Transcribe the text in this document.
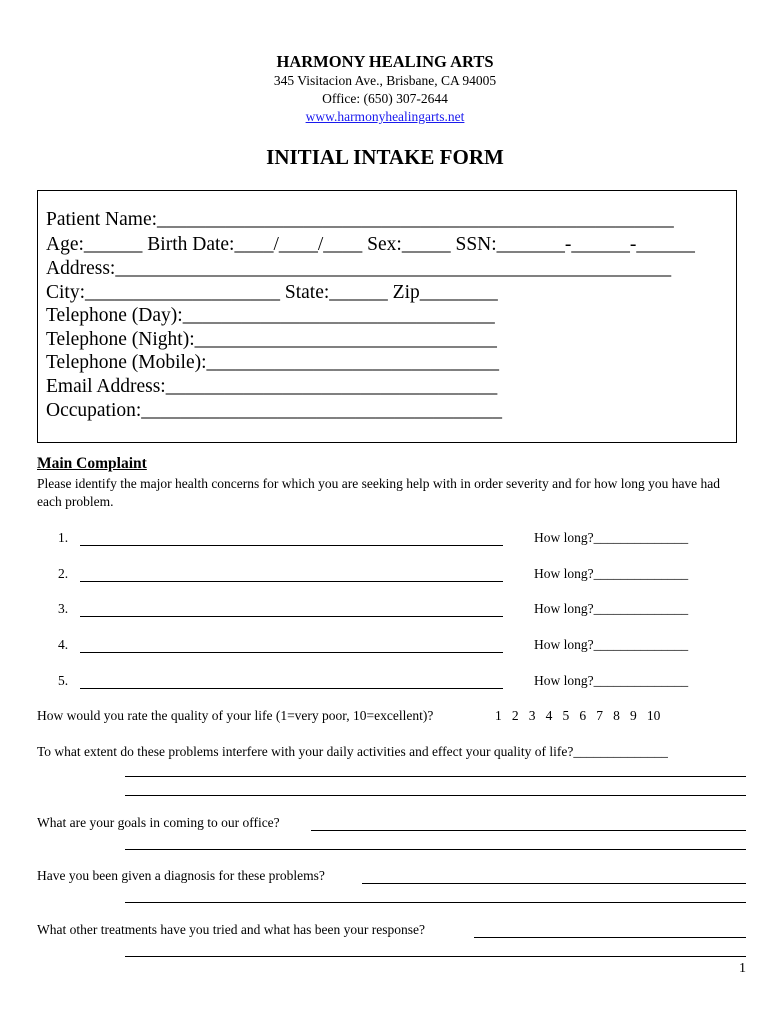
HARMONY HEALING ARTS
345 Visitacion Ave., Brisbane, CA 94005
Office: (650) 307-2644
www.harmonyhealingarts.net
INITIAL INTAKE FORM
Patient Name:_____________________________________________________
Age:______ Birth Date:____/____/____ Sex:_____ SSN:_______-______-______
Address:_________________________________________________________
City:____________________ State:______ Zip________
Telephone (Day):________________________________
Telephone (Night):_______________________________
Telephone (Mobile):______________________________
Email Address:__________________________________
Occupation:_____________________________________
Main Complaint
Please identify the major health concerns for which you are seeking help with in order severity and for how long you have had each problem.
1.	How long?______________
2.	How long?______________
3.	How long?______________
4.	How long?______________
5.	How long?______________
How would you rate the quality of your life (1=very poor, 10=excellent)?	1   2   3   4   5   6   7   8   9   10
To what extent do these problems interfere with your daily activities and effect your quality of life?______________
What are your goals in coming to our office?
Have you been given a diagnosis for these problems?
What other treatments have you tried and what has been your response?
1
